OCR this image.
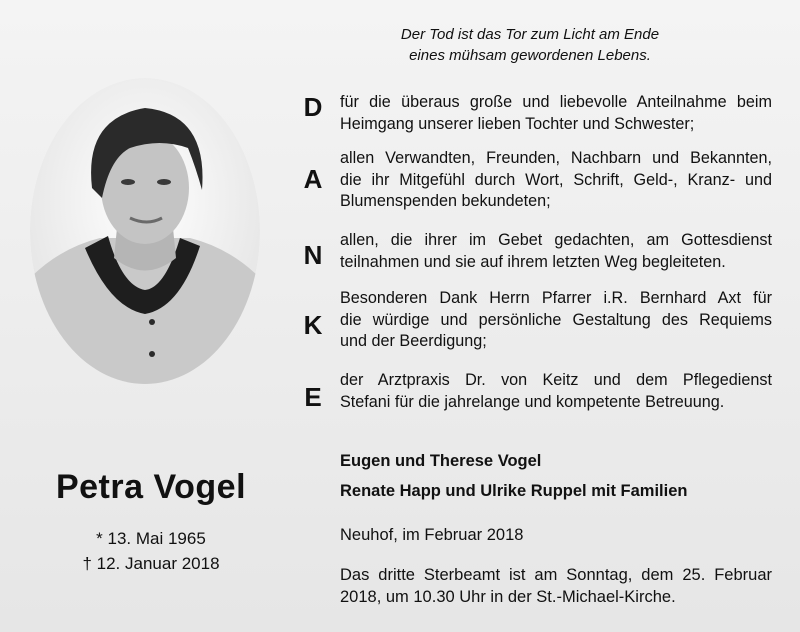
Der Tod ist das Tor zum Licht am Ende
eines mühsam gewordenen Lebens.
Petra Vogel
* 13. Mai 1965
† 12. Januar 2018
D	für die überaus große und liebevolle Anteilnahme beim
Heimgang unserer lieben Tochter und Schwester;
A
allen Verwandten, Freunden, Nachbarn und Bekannten,
die ihr Mitgefühl durch Wort, Schrift, Geld-, Kranz- und
Blumenspenden bekundeten;
N	allen, die ihrer im Gebet gedachten, am Gottesdienst
teilnahmen und sie auf ihrem letzten Weg begleiteten.
K
Besonderen Dank Herrn Pfarrer i.R. Bernhard Axt für
die würdige und persönliche Gestaltung des Requiems
und der Beerdigung;
E
der Arztpraxis Dr. von Keitz und dem Pflegedienst
Stefani für die jahrelange und kompetente Betreuung.
Eugen und Therese Vogel
Renate Happ und Ulrike Ruppel mit Familien
Neuhof, im Februar 2018
Das dritte Sterbeamt ist am Sonntag, dem 25. Februar
2018, um 10.30 Uhr in der St.-Michael-Kirche.
